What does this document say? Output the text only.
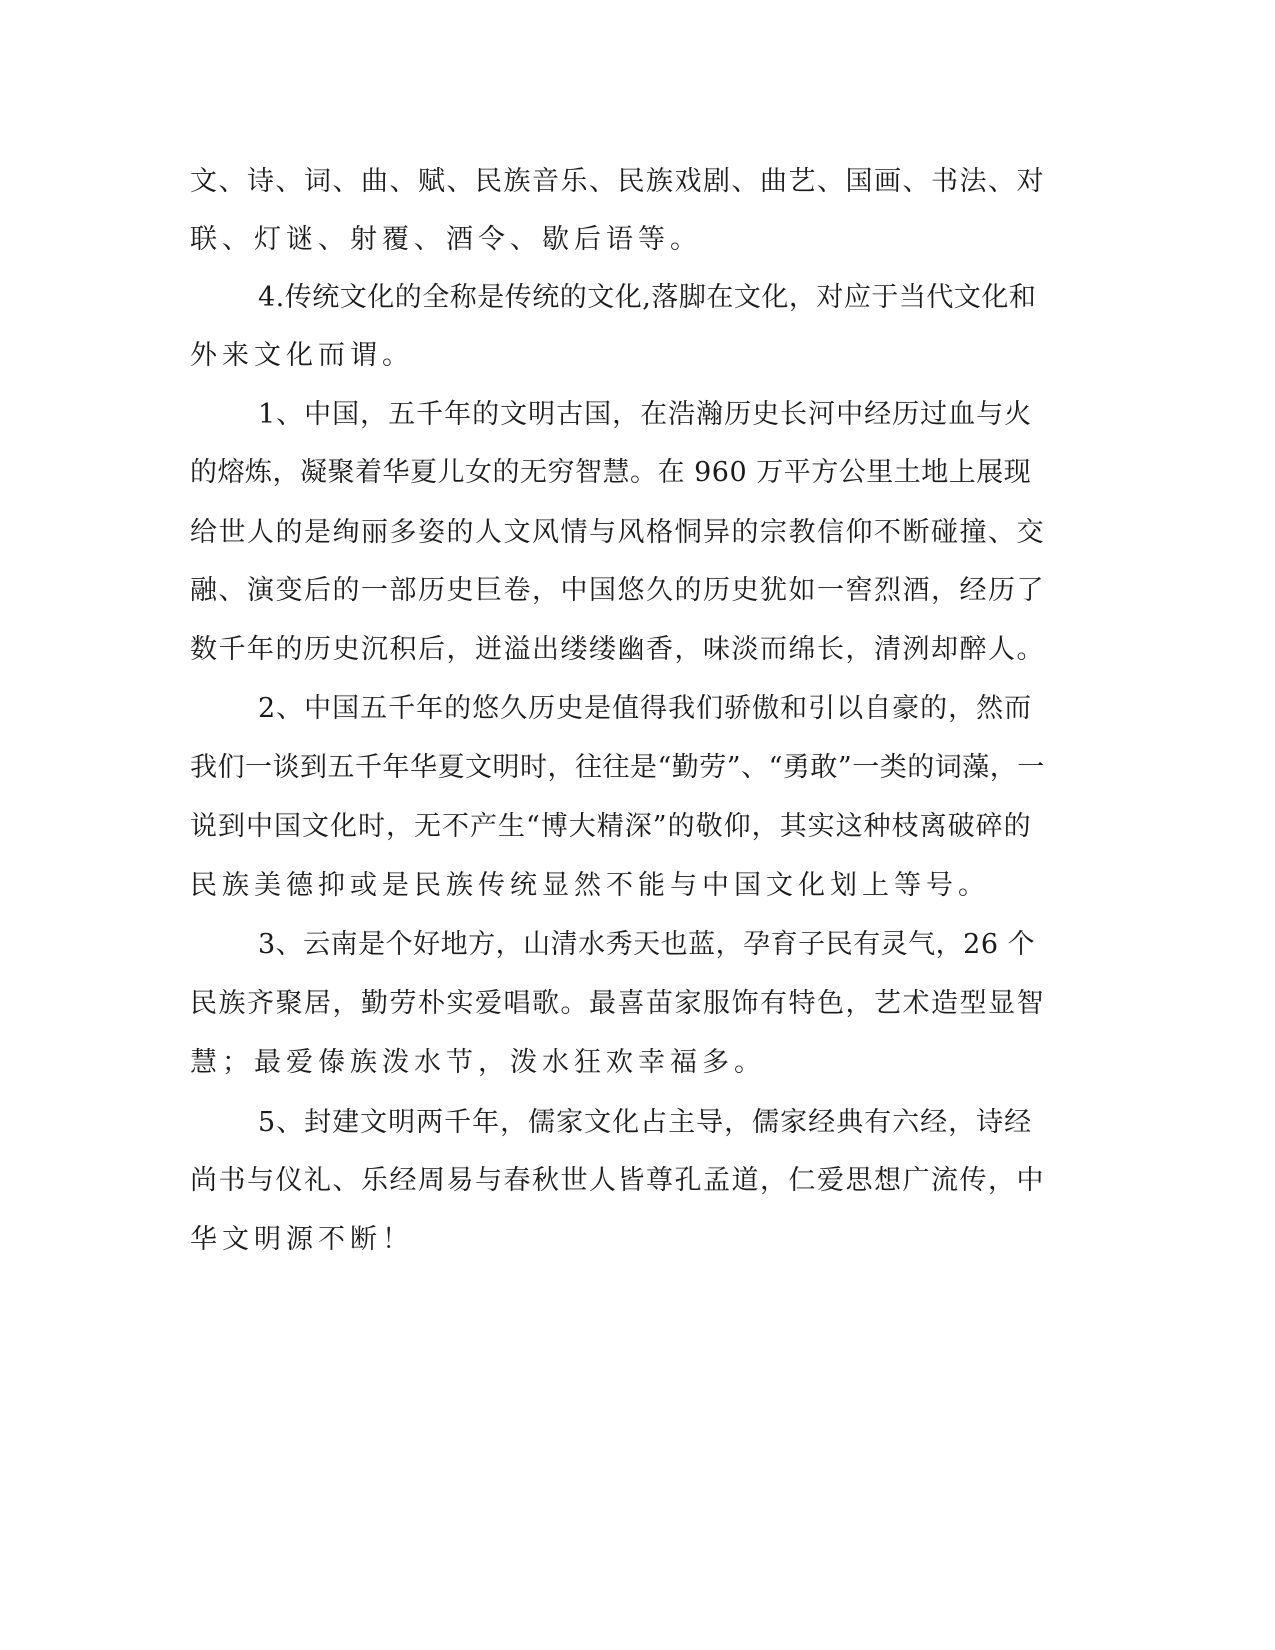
文、诗、词、曲、赋、民族音乐、民族戏剧、曲艺、国画、书法、对
联、灯谜、射覆、酒令、歇后语等。
4.传统文化的全称是传统的文化,落脚在文化，对应于当代文化和
外来文化而谓。
1、中国，五千年的文明古国，在浩瀚历史长河中经历过血与火
的熔炼，凝聚着华夏儿女的无穷智慧。在 960 万平方公里土地上展现
给世人的是绚丽多姿的人文风情与风格恫异的宗教信仰不断碰撞、交
融、演变后的一部历史巨卷，中国悠久的历史犹如一窖烈酒，经历了
数千年的历史沉积后，迸溢出缕缕幽香，味淡而绵长，清洌却醉人。
2、中国五千年的悠久历史是值得我们骄傲和引以自豪的，然而
我们一谈到五千年华夏文明时，往往是“勤劳”、“勇敢”一类的词藻，一
说到中国文化时，无不产生“博大精深”的敬仰，其实这种枝离破碎的
民族美德抑或是民族传统显然不能与中国文化划上等号。
3、云南是个好地方，山清水秀天也蓝，孕育子民有灵气，26 个
民族齐聚居，勤劳朴实爱唱歌。最喜苗家服饰有特色，艺术造型显智
慧；最爱傣族泼水节，泼水狂欢幸福多。
5、封建文明两千年，儒家文化占主导，儒家经典有六经，诗经
尚书与仪礼、乐经周易与春秋世人皆尊孔孟道，仁爱思想广流传，中
华文明源不断！
